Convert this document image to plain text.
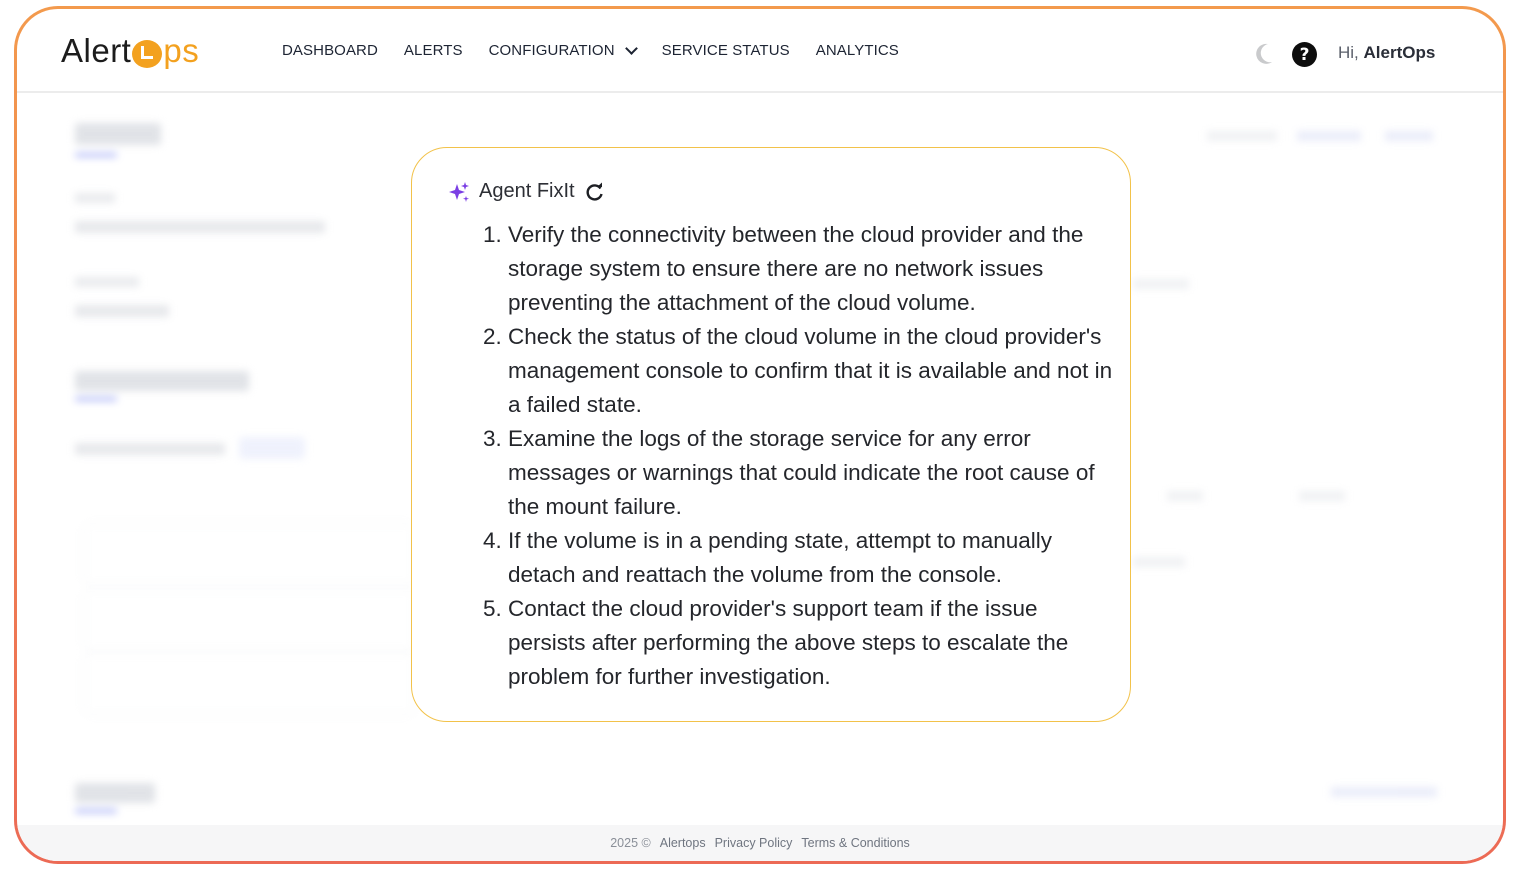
Alert ps	DASHBOARD ALERTS CONFIGURATION	SERVICE STATUS ANALYTICS	?	Hi, AlertOps
2025 © Alertops Privacy Policy Terms & Conditions
Agent FixIt
1. Verify the connectivity between the cloud provider and the storage system to ensure there are no network issues preventing the attachment of the cloud volume.
2. Check the status of the cloud volume in the cloud provider's management console to confirm that it is available and not in a failed state.
3. Examine the logs of the storage service for any error messages or warnings that could indicate the root cause of the mount failure.
4. If the volume is in a pending state, attempt to manually detach and reattach the volume from the console.
5. Contact the cloud provider's support team if the issue persists after performing the above steps to escalate the problem for further investigation.
